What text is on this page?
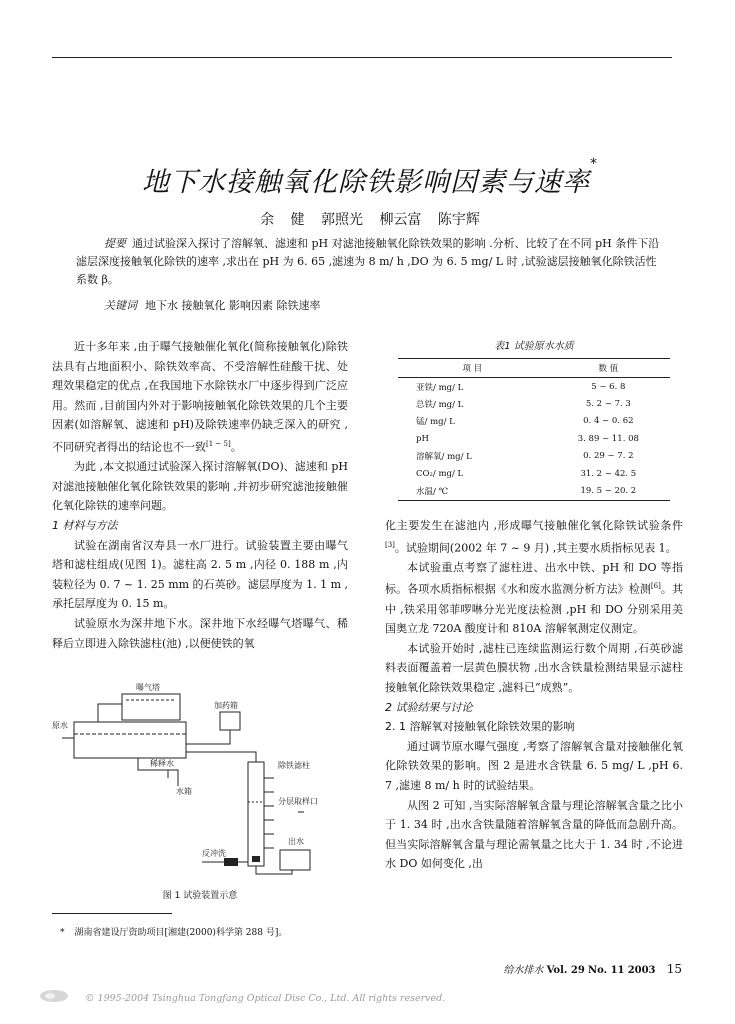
地下水接触氧化除铁影响因素与速率*
余 健 郭照光 柳云富 陈宇辉
提要 通过试验深入探讨了溶解氧、滤速和 pH 对滤池接触氧化除铁效果的影响 .分析、比较了在不同 pH 条件下沿滤层深度接触氧化除铁的速率 ,求出在 pH 为 6. 65 ,滤速为 8 m/ h ,DO 为 6. 5 mg/ L 时 ,试验滤层接触氧化除铁活性系数 β。
关键词 地下水 接触氧化 影响因素 除铁速率

近十多年来 ,由于曝气接触催化氧化(简称接触氧化)除铁法具有占地面积小、除铁效率高、不受溶解性硅酸干扰、处理效果稳定的优点 ,在我国地下水除铁水厂中逐步得到广泛应用。然而 ,目前国内外对于影响接触氧化除铁效果的几个主要因素(如溶解氧、滤速和 pH)及除铁速率仍缺乏深入的研究 ,不同研究者得出的结论也不一致[1 ~ 5]。

为此 ,本文拟通过试验深入探讨溶解氧(DO)、滤速和 pH 对滤池接触催化氧化除铁效果的影响 ,并初步研究滤池接触催化氧化除铁的速率问题。

1 材料与方法

试验在湖南省汉寿县一水厂进行。试验装置主要由曝气塔和滤柱组成(见图 1)。滤柱高 2. 5 m ,内径 0. 188 m ,内装粒径为 0. 7 ~ 1. 25 mm 的石英砂。滤层厚度为 1. 1 m ,承托层厚度为 0. 15 m。

试验原水为深井地下水。深井地下水经曝气塔曝气、稀释后立即进入除铁滤柱(池) ,以便使铁的氧

曝气塔
加药箱
原水
稀释水
水箱
除铁滤柱
分层取样口
出水
反冲洗
图 1 试验装置示意
* 湖南省建设厅资助项目[湘建(2000)科学第 288 号]。
表1 试验原水水质
项 目	数 值
亚铁/ mg/ L	5 ~ 6. 8
总铁/ mg/ L	5. 2 ~ 7. 3
锰/ mg/ L	0. 4 ~ 0. 62
pH	3. 89 ~ 11. 08
溶解氧/ mg/ L	0. 29 ~ 7. 2
CO₂/ mg/ L	31. 2 ~ 42. 5
水温/ ℃	19. 5 ~ 20. 2

化主要发生在滤池内 ,形成曝气接触催化氧化除铁试验条件[3]。试验期间(2002 年 7 ~ 9 月) ,其主要水质指标见表 1。

本试验重点考察了滤柱进、出水中铁、pH 和 DO 等指标。各项水质指标根据《水和废水监测分析方法》检测[6]。其中 ,铁采用邻菲啰啉分光光度法检测 ,pH 和 DO 分别采用美国奥立龙 720A 酸度计和 810A 溶解氧测定仪测定。

本试验开始时 ,滤柱已连续监测运行数个周期 ,石英砂滤料表面覆盖着一层黄色膜状物 ,出水含铁量检测结果显示滤柱接触氧化除铁效果稳定 ,滤料已“成熟”。

2 试验结果与讨论

2. 1 溶解氧对接触氧化除铁效果的影响

通过调节原水曝气强度 ,考察了溶解氧含量对接触催化氧化除铁效果的影响。图 2 是进水含铁量 6. 5 mg/ L ,pH 6. 7 ,滤速 8 m/ h 时的试验结果。

从图 2 可知 ,当实际溶解氧含量与理论溶解氧含量之比小于 1. 34 时 ,出水含铁量随着溶解氧含量的降低而急剧升高。但当实际溶解氧含量与理论需氧量之比大于 1. 34 时 ,不论进水 DO 如何变化 ,出

给水排水 Vol. 29 No. 11 2003 15
© 1995-2004 Tsinghua Tongfang Optical Disc Co., Ltd. All rights reserved.
